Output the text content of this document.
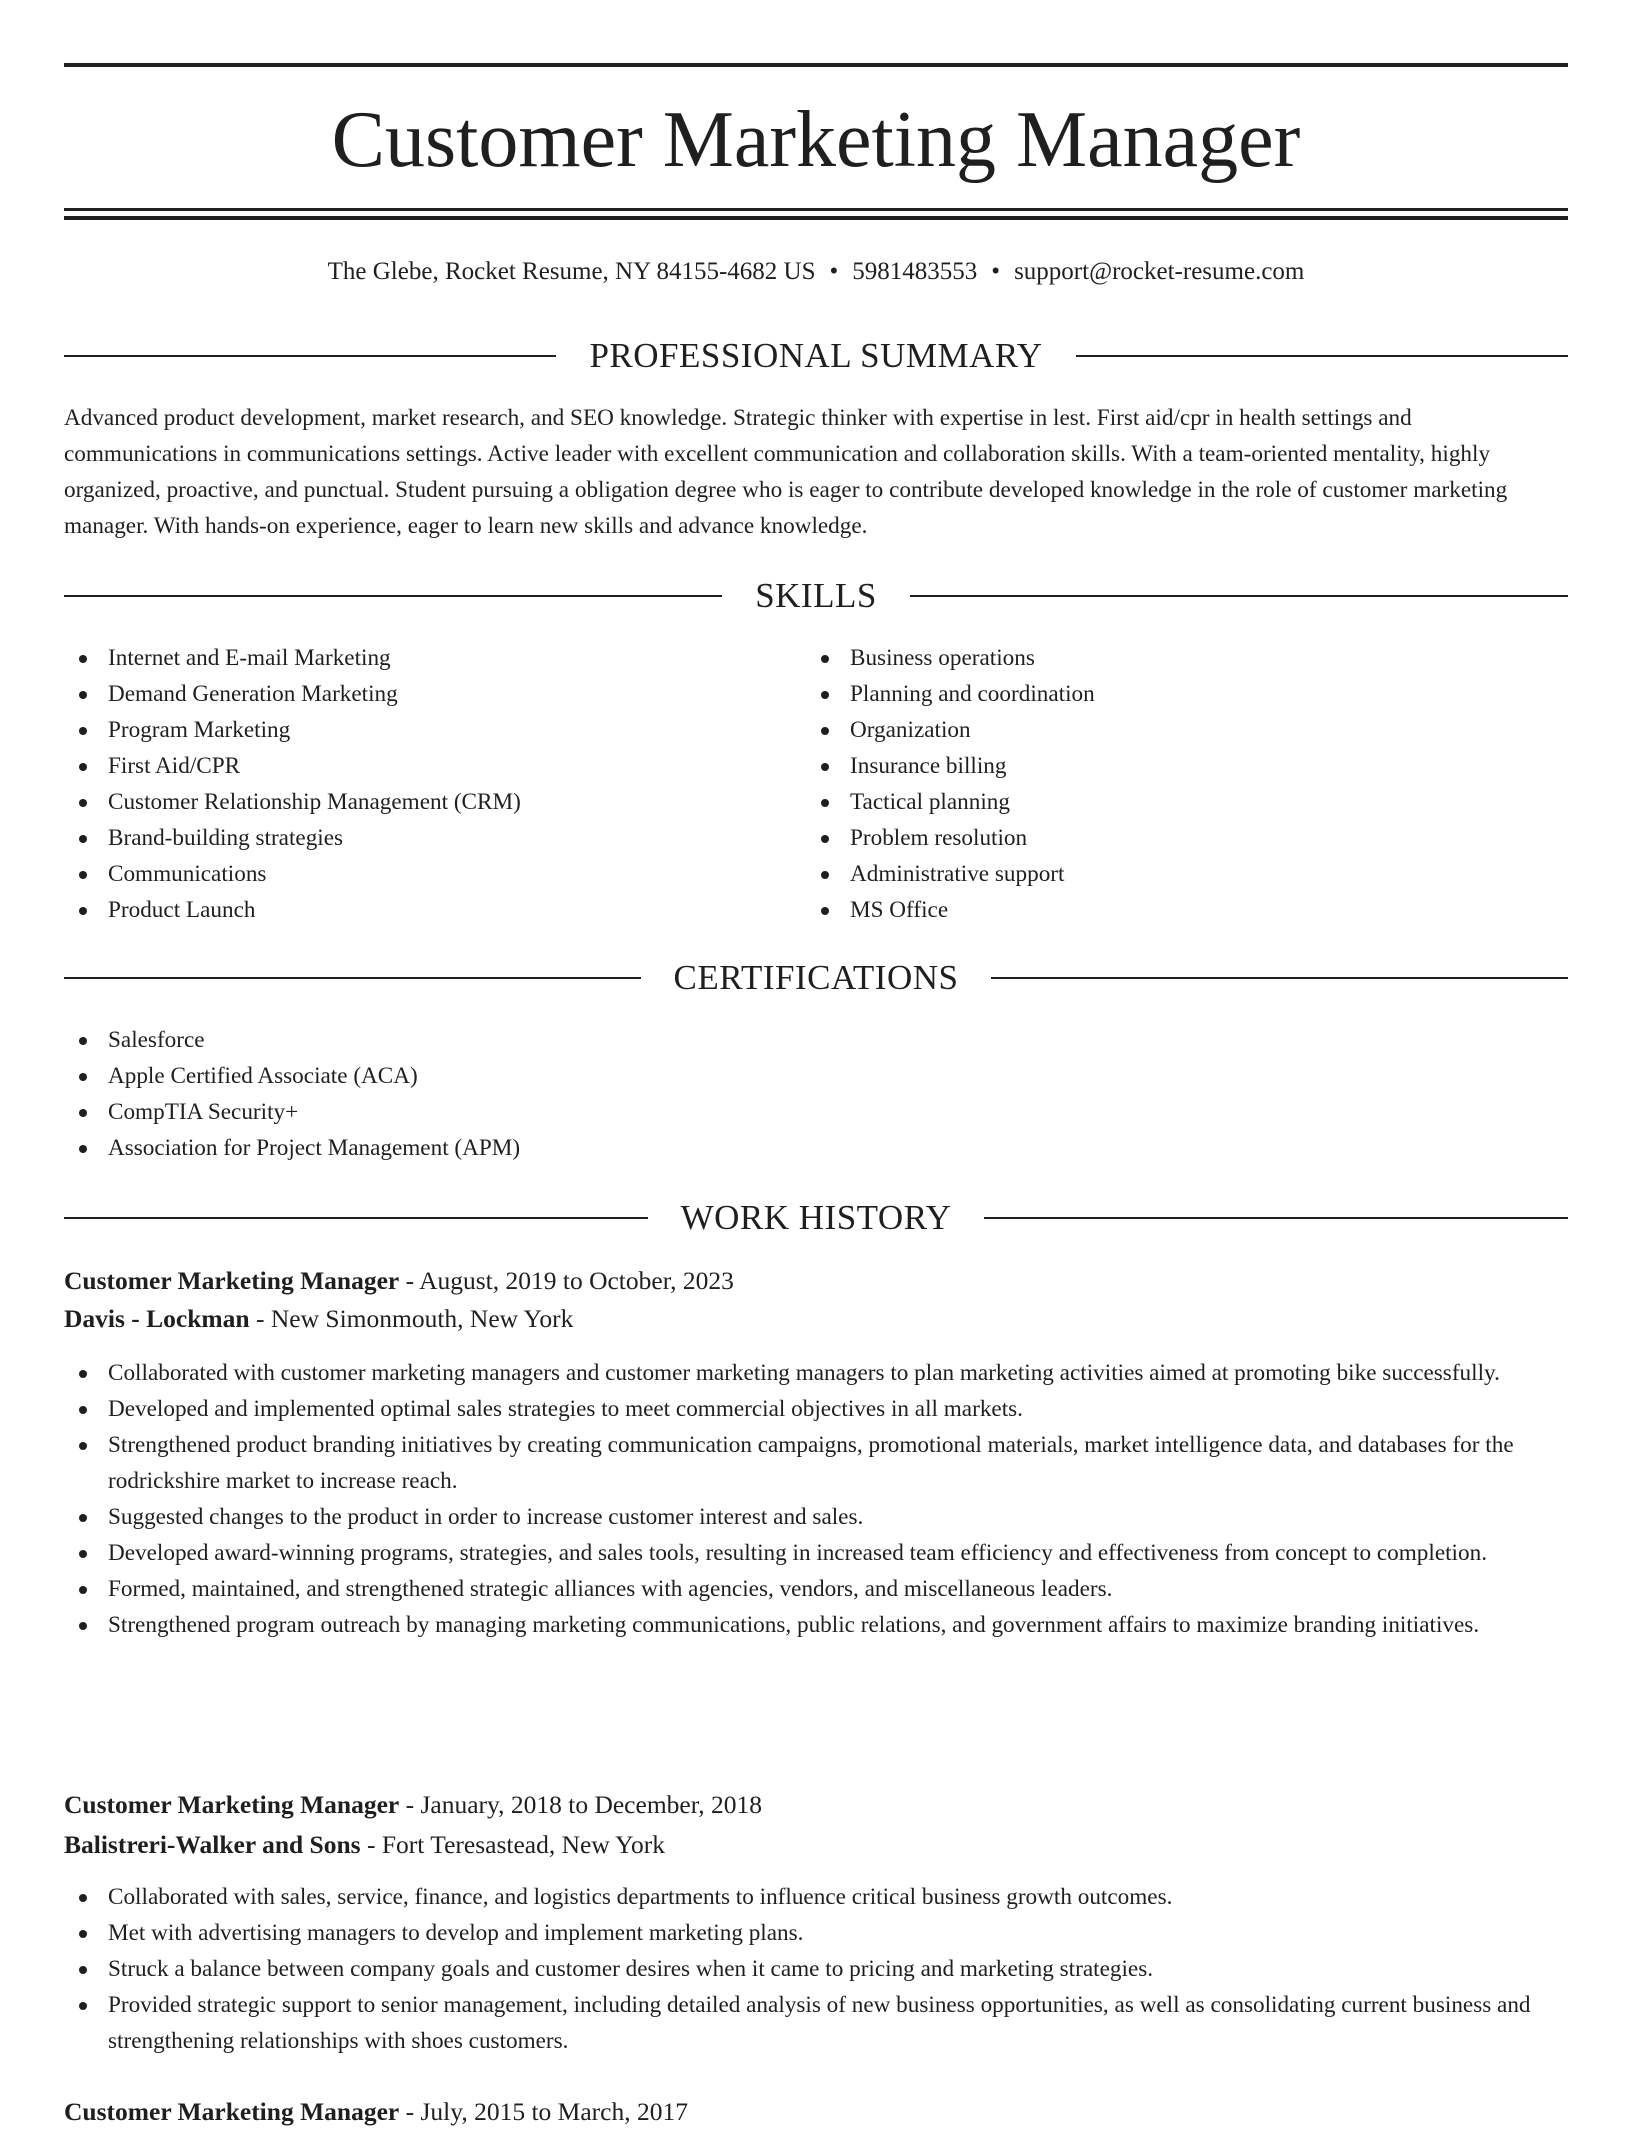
Customer Marketing Manager
The Glebe, Rocket Resume, NY 84155-4682 US • 5981483553 • support@rocket-resume.com
PROFESSIONAL SUMMARY

Advanced product development, market research, and SEO knowledge. Strategic thinker with expertise in lest. First aid/cpr in health settings and communications in communications settings. Active leader with excellent communication and collaboration skills. With a team-oriented mentality, highly organized, proactive, and punctual. Student pursuing a obligation degree who is eager to contribute developed knowledge in the role of customer marketing manager. With hands-on experience, eager to learn new skills and advance knowledge.

SKILLS
Internet and E-mail Marketing
Demand Generation Marketing
Program Marketing
First Aid/CPR
Customer Relationship Management (CRM)
Brand-building strategies
Communications
Product Launch
Business operations
Planning and coordination
Organization
Insurance billing
Tactical planning
Problem resolution
Administrative support
MS Office
CERTIFICATIONS
Salesforce
Apple Certified Associate (ACA)
CompTIA Security+
Association for Project Management (APM)
WORK HISTORY
Customer Marketing Manager - August, 2019 to October, 2023
Davis - Lockman - New Simonmouth, New York
Collaborated with customer marketing managers and customer marketing managers to plan marketing activities aimed at promoting bike successfully.
Developed and implemented optimal sales strategies to meet commercial objectives in all markets.
Strengthened product branding initiatives by creating communication campaigns, promotional materials, market intelligence data, and databases for the rodrickshire market to increase reach.
Suggested changes to the product in order to increase customer interest and sales.
Developed award-winning programs, strategies, and sales tools, resulting in increased team efficiency and effectiveness from concept to completion.
Formed, maintained, and strengthened strategic alliances with agencies, vendors, and miscellaneous leaders.
Strengthened program outreach by managing marketing communications, public relations, and government affairs to maximize branding initiatives.
Customer Marketing Manager - January, 2018 to December, 2018
Balistreri-Walker and Sons - Fort Teresastead, New York
Collaborated with sales, service, finance, and logistics departments to influence critical business growth outcomes.
Met with advertising managers to develop and implement marketing plans.
Struck a balance between company goals and customer desires when it came to pricing and marketing strategies.
Provided strategic support to senior management, including detailed analysis of new business opportunities, as well as consolidating current business and strengthening relationships with shoes customers.
Customer Marketing Manager - July, 2015 to March, 2017
